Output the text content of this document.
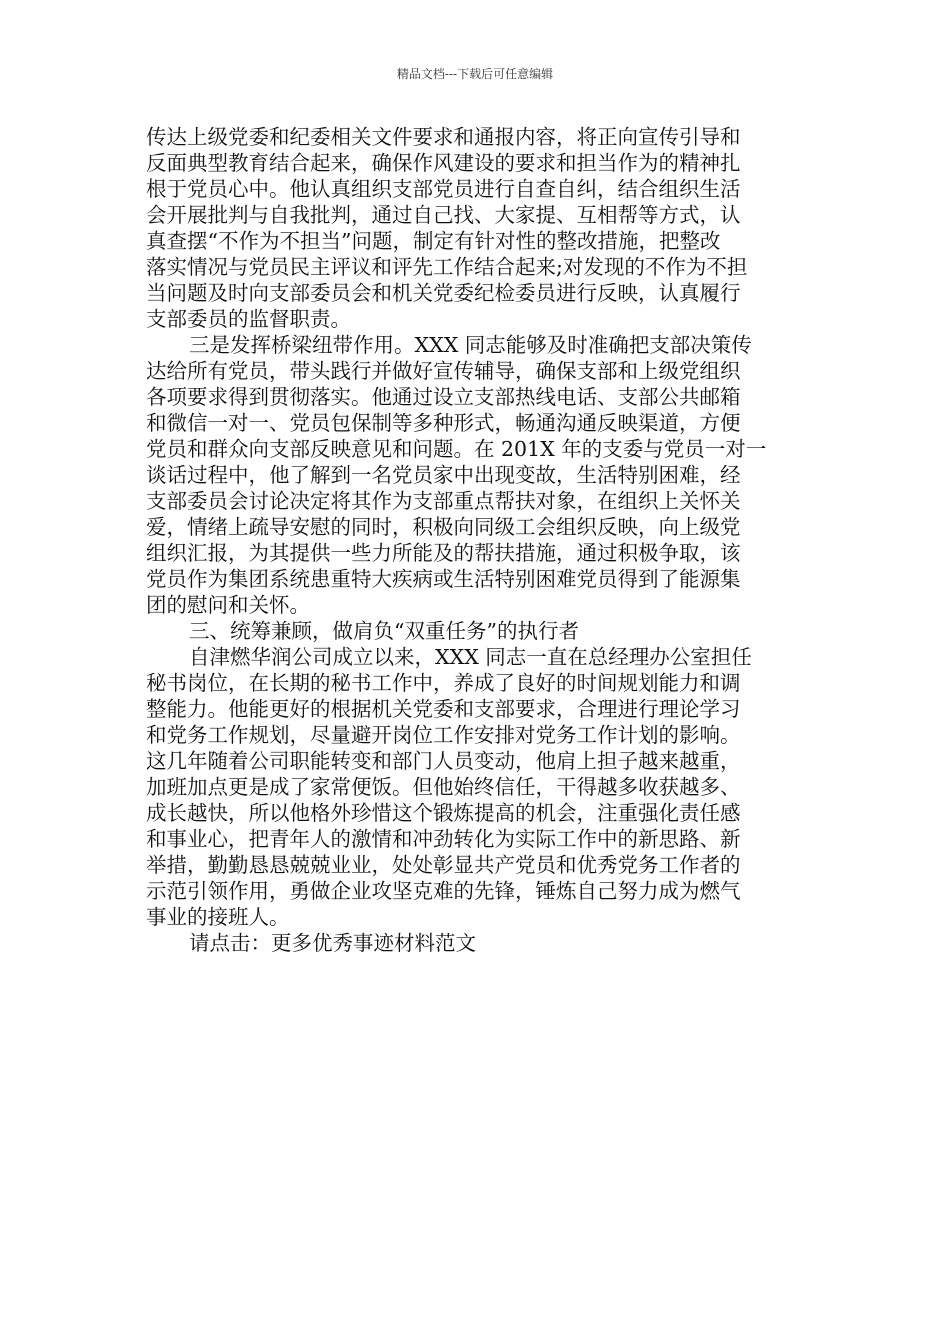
精品文档---下载后可任意编辑
传达上级党委和纪委相关文件要求和通报内容，将正向宣传引导和
反面典型教育结合起来，确保作风建设的要求和担当作为的精神扎
根于党员心中。他认真组织支部党员进行自查自纠，结合组织生活
会开展批判与自我批判，通过自己找、大家提、互相帮等方式，认
真查摆“不作为不担当”问题，制定有针对性的整改措施，把整改
落实情况与党员民主评议和评先工作结合起来;对发现的不作为不担
当问题及时向支部委员会和机关党委纪检委员进行反映，认真履行
支部委员的监督职责。
三是发挥桥梁纽带作用。XXX 同志能够及时准确把支部决策传
达给所有党员，带头践行并做好宣传辅导，确保支部和上级党组织
各项要求得到贯彻落实。他通过设立支部热线电话、支部公共邮箱
和微信一对一、党员包保制等多种形式，畅通沟通反映渠道，方便
党员和群众向支部反映意见和问题。在 201X 年的支委与党员一对一
谈话过程中，他了解到一名党员家中出现变故，生活特别困难，经
支部委员会讨论决定将其作为支部重点帮扶对象，在组织上关怀关
爱，情绪上疏导安慰的同时，积极向同级工会组织反映，向上级党
组织汇报，为其提供一些力所能及的帮扶措施，通过积极争取，该
党员作为集团系统患重特大疾病或生活特别困难党员得到了能源集
团的慰问和关怀。
三、统筹兼顾，做肩负“双重任务”的执行者
自津燃华润公司成立以来，XXX 同志一直在总经理办公室担任
秘书岗位，在长期的秘书工作中，养成了良好的时间规划能力和调
整能力。他能更好的根据机关党委和支部要求，合理进行理论学习
和党务工作规划，尽量避开岗位工作安排对党务工作计划的影响。
这几年随着公司职能转变和部门人员变动，他肩上担子越来越重，
加班加点更是成了家常便饭。但他始终信任，干得越多收获越多、
成长越快，所以他格外珍惜这个锻炼提高的机会，注重强化责任感
和事业心，把青年人的激情和冲劲转化为实际工作中的新思路、新
举措，勤勤恳恳兢兢业业，处处彰显共产党员和优秀党务工作者的
示范引领作用，勇做企业攻坚克难的先锋，锤炼自己努力成为燃气
事业的接班人。
请点击：更多优秀事迹材料范文
